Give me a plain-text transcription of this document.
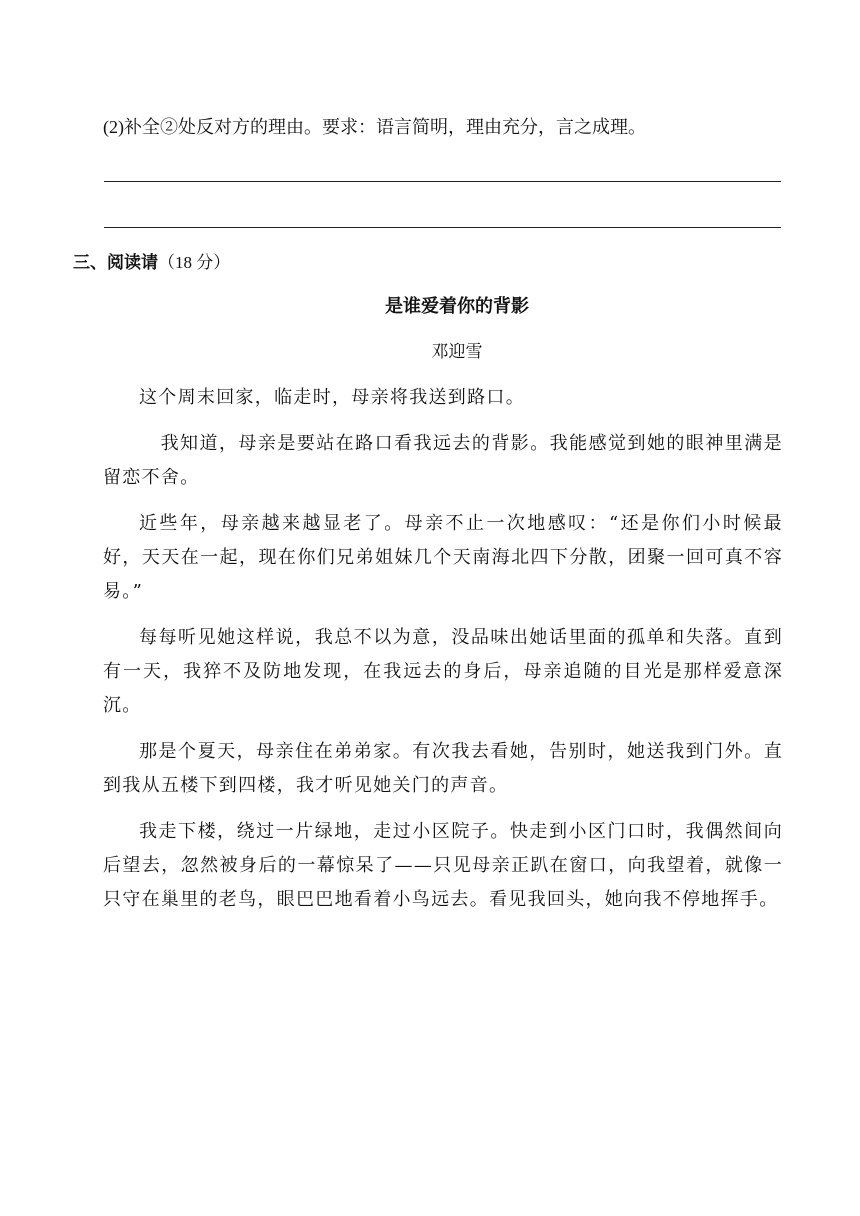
(2)补全②处反对方的理由。要求：语言简明，理由充分，言之成理。
三、阅读请（18 分）
是谁爱着你的背影
邓迎雪

这个周末回家，临走时，母亲将我送到路口。

我知道，母亲是要站在路口看我远去的背影。我能感觉到她的眼神里满是留恋不舍。

近些年，母亲越来越显老了。母亲不止一次地感叹：“还是你们小时候最好，天天在一起，现在你们兄弟姐妹几个天南海北四下分散，团聚一回可真不容易。”

每每听见她这样说，我总不以为意，没品味出她话里面的孤单和失落。直到有一天，我猝不及防地发现，在我远去的身后，母亲追随的目光是那样爱意深沉。

那是个夏天，母亲住在弟弟家。有次我去看她，告别时，她送我到门外。直到我从五楼下到四楼，我才听见她关门的声音。

我走下楼，绕过一片绿地，走过小区院子。快走到小区门口时，我偶然间向后望去，忽然被身后的一幕惊呆了——只见母亲正趴在窗口，向我望着，就像一只守在巢里的老鸟，眼巴巴地看着小鸟远去。看见我回头，她向我不停地挥手。
